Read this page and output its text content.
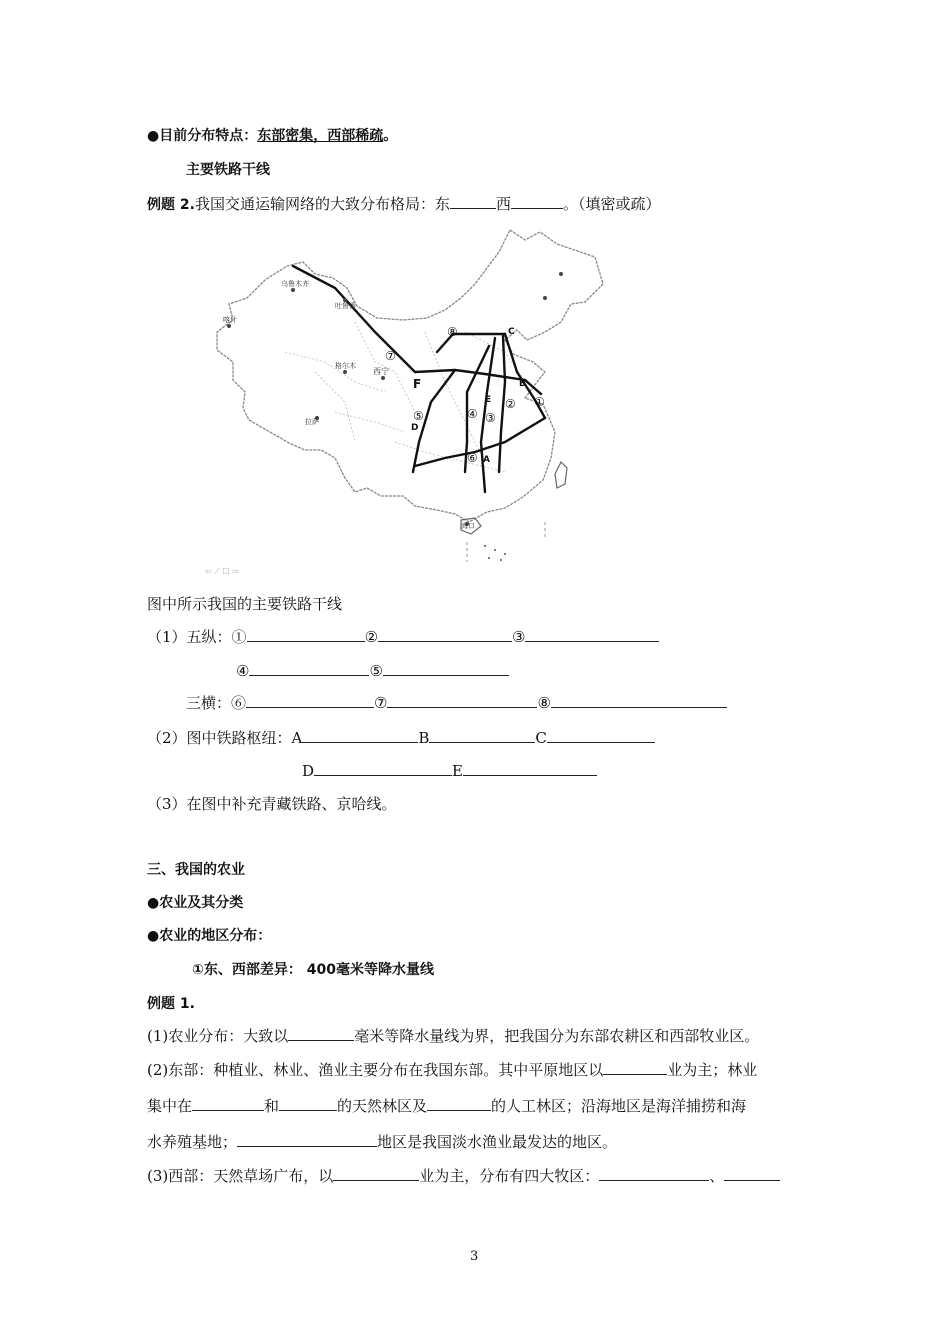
●目前分布特点：东部密集，西部稀疏。
主要铁路干线
例题 2.我国交通运输网络的大致分布格局：东	西	。（填密或疏）
乌鲁木齐
吐鲁番
喀什
格尔木
西宁
拉萨
海口
①
②
③
④
⑤
⑥
⑦
⑧
A
B
C
D
E
F
⇦ ⟋ ☐ ⇨
图中所示我国的主要铁路干线
（1）五纵：①	②	③
④	⑤
三横：⑥	⑦	⑧
（2）图中铁路枢纽：A	B	C
D	E
（3）在图中补充青藏铁路、京哈线。
三、我国的农业
●农业及其分类
●农业的地区分布：
①东、西部差异： 400毫米等降水量线
例题 1.
(1)农业分布：大致以	毫米等降水量线为界，把我国分为东部农耕区和西部牧业区。
(2)东部：种植业、林业、渔业主要分布在我国东部。其中平原地区以	业为主；林业
集中在	和	的天然林区及	的人工林区；沿海地区是海洋捕捞和海
水养殖基地；	地区是我国淡水渔业最发达的地区。
(3)西部：天然草场广布，以	业为主，分布有四大牧区：	、
3
